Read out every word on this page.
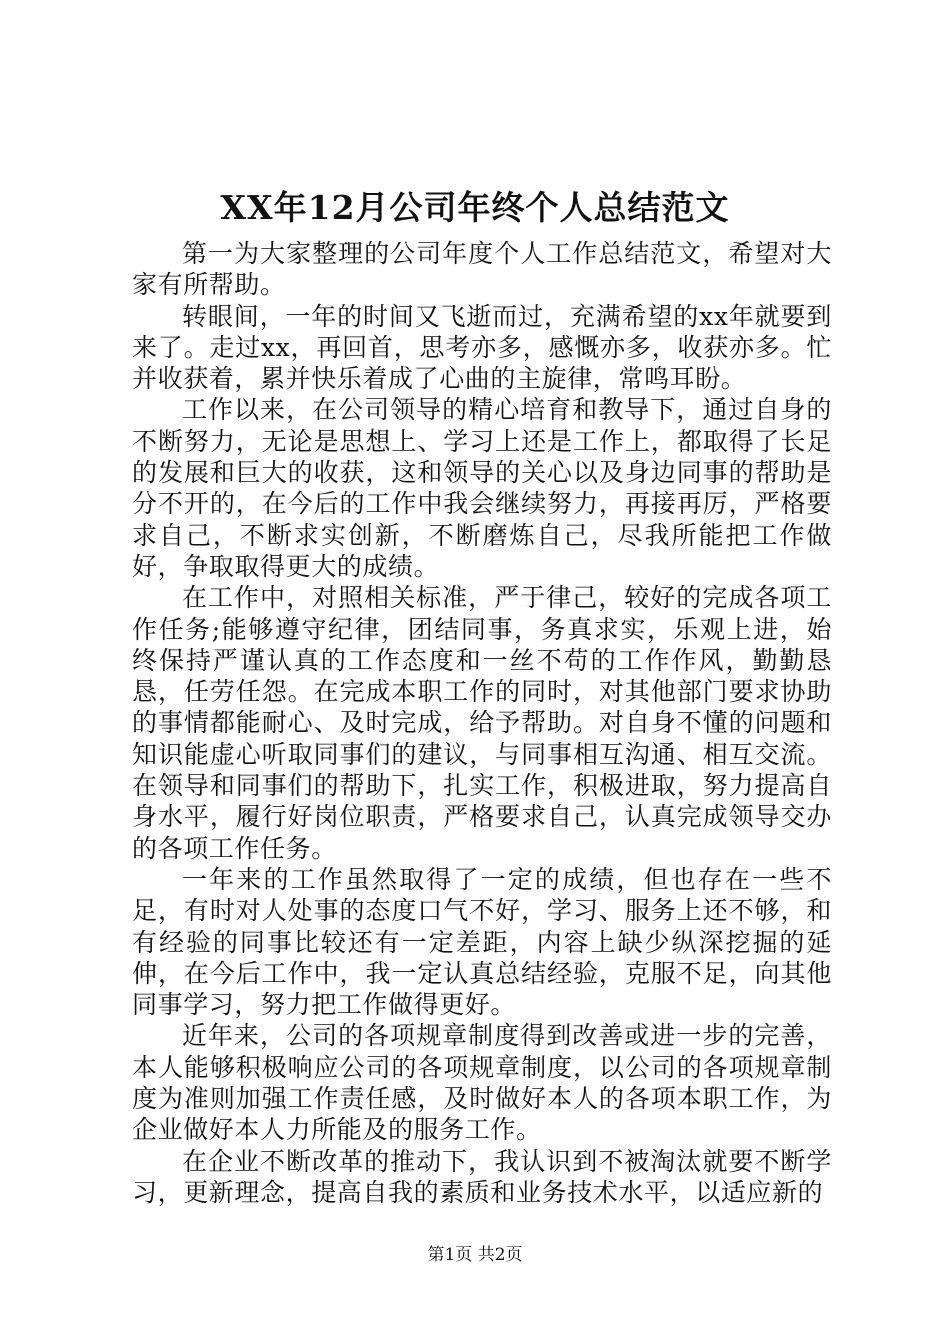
XX年12月公司年终个人总结范文

第一为大家整理的公司年度个人工作总结范文，希望对大家有所帮助。

转眼间，一年的时间又飞逝而过，充满希望的xx年就要到来了。走过xx，再回首，思考亦多，感慨亦多，收获亦多。忙并收获着，累并快乐着成了心曲的主旋律，常鸣耳盼。

工作以来，在公司领导的精心培育和教导下，通过自身的不断努力，无论是思想上、学习上还是工作上，都取得了长足的发展和巨大的收获，这和领导的关心以及身边同事的帮助是分不开的，在今后的工作中我会继续努力，再接再厉，严格要求自己，不断求实创新，不断磨炼自己，尽我所能把工作做好，争取取得更大的成绩。

在工作中，对照相关标准，严于律己，较好的完成各项工作任务;能够遵守纪律，团结同事，务真求实，乐观上进，始终保持严谨认真的工作态度和一丝不苟的工作作风，勤勤恳恳，任劳任怨。在完成本职工作的同时，对其他部门要求协助的事情都能耐心、及时完成，给予帮助。对自身不懂的问题和知识能虚心听取同事们的建议，与同事相互沟通、相互交流。在领导和同事们的帮助下，扎实工作，积极进取，努力提高自身水平，履行好岗位职责，严格要求自己，认真完成领导交办的各项工作任务。

一年来的工作虽然取得了一定的成绩，但也存在一些不足，有时对人处事的态度口气不好，学习、服务上还不够，和有经验的同事比较还有一定差距，内容上缺少纵深挖掘的延伸，在今后工作中，我一定认真总结经验，克服不足，向其他同事学习，努力把工作做得更好。

近年来，公司的各项规章制度得到改善或进一步的完善，本人能够积极响应公司的各项规章制度，以公司的各项规章制度为准则加强工作责任感，及时做好本人的各项本职工作，为企业做好本人力所能及的服务工作。

在企业不断改革的推动下，我认识到不被淘汰就要不断学习，更新理念，提高自我的素质和业务技术水平，以适应新的

第1页 共2页
